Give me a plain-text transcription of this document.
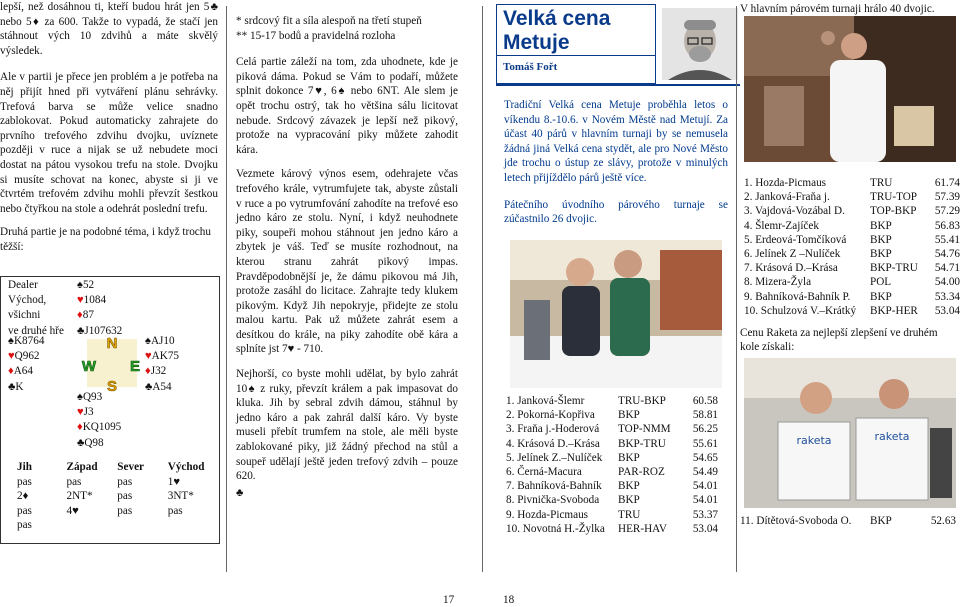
lepší, než dosáhnou ti, kteří budou hrát jen 5♣ nebo 5♦ za 600. Takže to vypadá, že stačí jen stáhnout vých 10 zdvihů a máte skvělý výsledek.

Ale v partii je přece jen problém a je potřeba na něj přijít hned při vytváření plánu sehrávky. Trefová barva se může velice snadno zablokovat. Pokud automaticky zahrajete do prvního trefového zdvihu dvojku, uvíznete později v ruce a nijak se už nebudete moci dostat na pátou vysokou trefu na stole. Dvojku si musíte schovat na konec, abyste si ji ve čtvrtém trefovém zdvihu mohli převzít šestkou nebo čtyřkou na stole a odehrát poslední trefu.

Druhá partie je na podobné téma, i když trochu těžší:

Dealer
Východ,
všichni
ve druhé hře
♠ 52
♥ 1084
♦ 87
♣ J107632
♠ K8764
♥ Q962
♦ A64
♣ K
♠ AJ10
♥ AK75
♦ J32
♣ A54
♠ Q93
♥ J3
♦ KQ1095
♣ Q98
N
W E
S
Jih	Západ	Sever	Východ
pas	pas	pas	1♥
2♦	2NT*	pas	3NT*
pas	4♥	pas	pas
pas			
* srdcový fit a síla alespoň na třetí stupeň
** 15-17 bodů a pravidelná rozloha

Celá partie záleží na tom, zda uhodnete, kde je piková dáma. Pokud se Vám to podaří, můžete splnit dokonce 7♥, 6♠ nebo 6NT. Ale slem je opět trochu ostrý, tak ho většina sálu licitovat nebude. Srdcový závazek je lepší než pikový, protože na vypracování piky můžete zahodit kára.

Vezmete kárový výnos esem, odehrajete včas trefového krále, vytrumfujete tak, abyste zůstali v ruce a po vytrumfování zahodíte na trefové eso jedno káro ze stolu. Nyní, i když neuhodnete piky, soupeři mohou stáhnout jen jedno káro a zbytek je váš. Teď se musíte rozhodnout, na kterou stranu zahrát pikový impas. Pravděpodobnější je, že dámu pikovou má Jih, protože zasáhl do licitace. Zahrajte tedy klukem pikovým. Když Jih nepokryje, přidejte ze stolu malou kartu. Pak už můžete zahrát esem a desítkou do krále, na piky zahodíte obě kára a splníte jst 7♥ - 710.

Nejhorší, co byste mohli udělat, by bylo zahrát 10♠ z ruky, převzít králem a pak impasovat do kluka. Jih by sebral zdvih dámou, stáhnul by jedno káro a pak zahrál další káro. Vy byste museli přebít trumfem na stole, ale měli byste zablokované piky, již žádný přechod na stůl a soupeř udělají ještě jeden trefový zdvih – pouze 620.

♣
Velká cena Metuje
Tomáš Fořt

Tradiční Velká cena Metuje proběhla letos o víkendu 8.-10.6. v Novém Městě nad Metují. Za účast 40 párů v hlavním turnaji by se nemusela žádná jiná Velká cena stydět, ale pro Nové Město jde trochu o ústup ze slávy, protože v minulých letech přijíždělo párů ještě více.

Pátečního úvodního párového turnaje se zúčastnilo 26 dvojic.

1. Janková-Šlemr	TRU-BKP	60.58
2. Pokorná-Kopřiva	BKP	58.81
3. Fraňa j.-Hoderová	TOP-NMM	56.25
4. Krásová D.–Krása	BKP-TRU	55.61
5. Jelínek Z.–Nulíček	BKP	54.65
6. Černá-Macura	PAR-ROZ	54.49
7. Bahníková-Bahník	BKP	54.01
8. Pivnička-Svoboda	BKP	54.01
9. Hozda-Picmaus	TRU	53.37
10. Novotná H.-Žylka	HER-HAV	53.04
V hlavním párovém turnaji hrálo 40 dvojic.
1. Hozda-Picmaus	TRU	61.74
2. Janková-Fraňa j.	TRU-TOP	57.39
3. Vajdová-Vozábal D.	TOP-BKP	57.29
4. Šlemr-Zajíček	BKP	56.83
5. Erdeová-Tomčíková	BKP	55.41
6. Jelínek Z –Nulíček	BKP	54.76
7. Krásová D.–Krása	BKP-TRU	54.71
8. Mizera-Žyla	POL	54.00
9. Bahníková-Bahník P.	BKP	53.34
10. Schulzová V.–Krátký	BKP-HER	53.04
Cenu Raketa za nejlepší zlepšení ve druhém kole získali:
raketa	raketa
11. Dítětová-Svoboda O.	BKP	52.63
17	18
